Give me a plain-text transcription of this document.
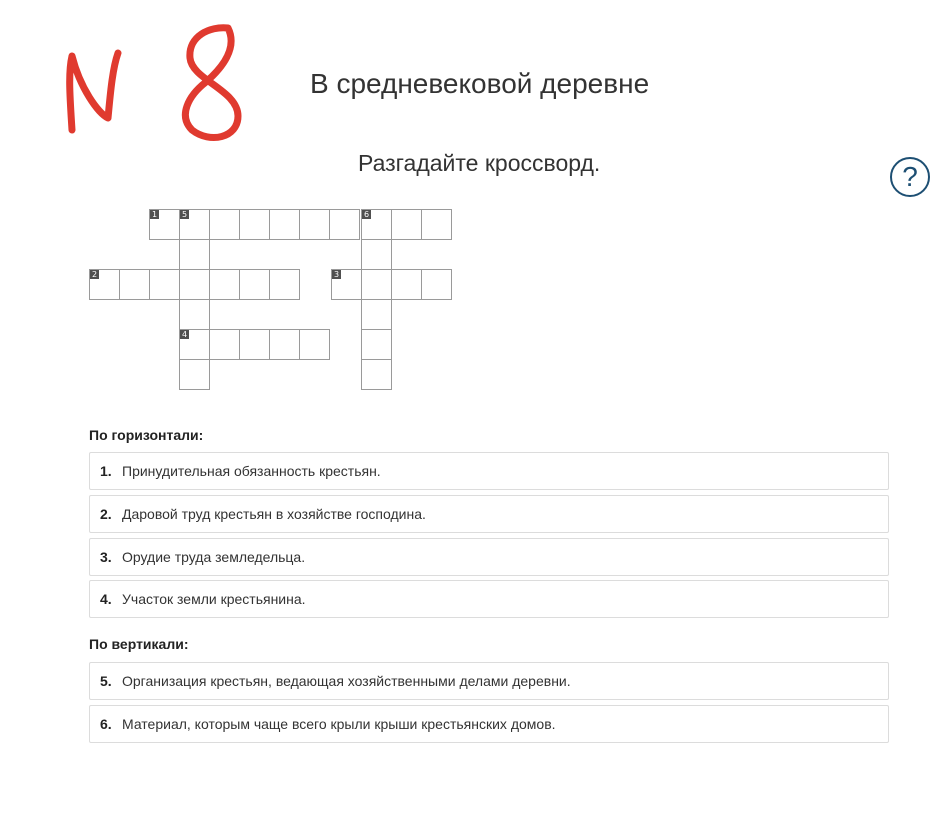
В средневековой деревне
Разгадайте кроссворд.	?
1	5	6
2	3
4
По горизонтали:
1. Принудительная обязанность крестьян.
2. Даровой труд крестьян в хозяйстве господина.
3. Орудие труда земледельца.
4. Участок земли крестьянина.
По вертикали:
5. Организация крестьян, ведающая хозяйственными делами деревни.
6. Материал, которым чаще всего крыли крыши крестьянских домов.
